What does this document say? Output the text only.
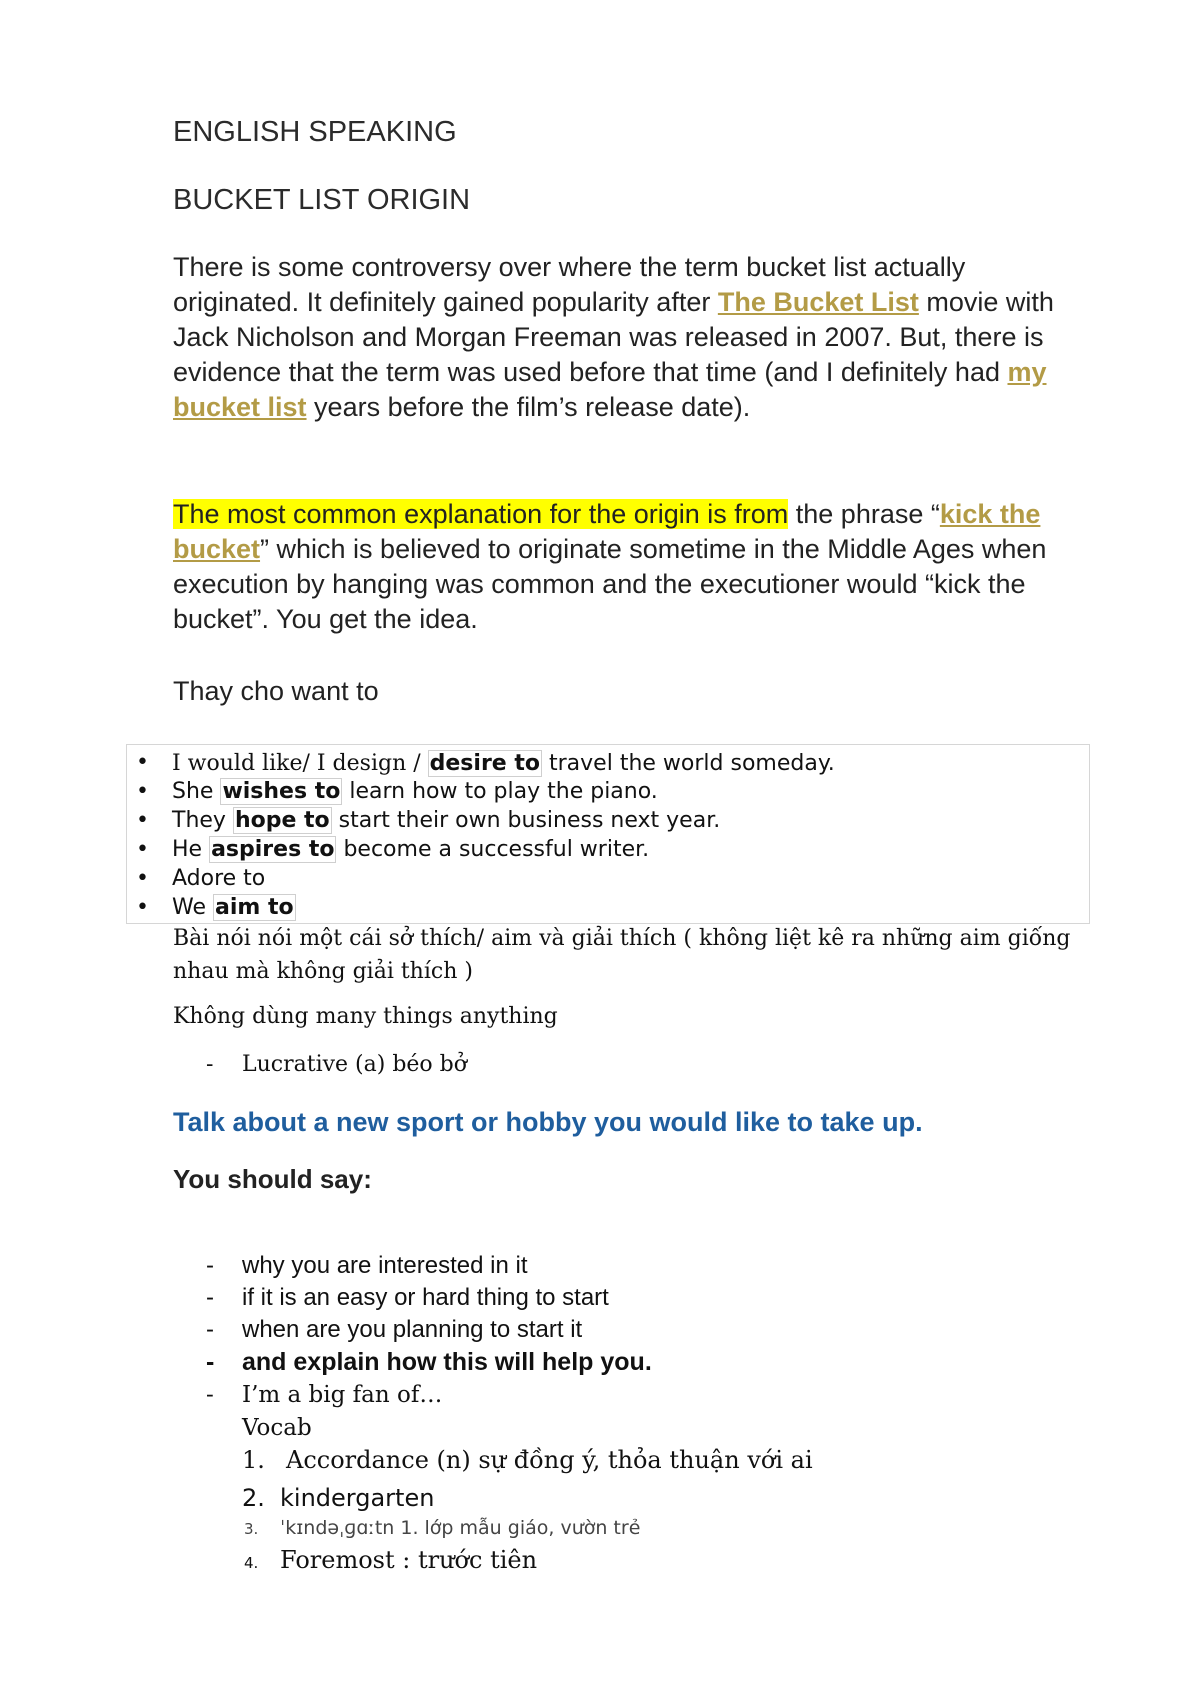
ENGLISH SPEAKING
BUCKET LIST ORIGIN
There is some controversy over where the term bucket list actually originated. It definitely gained popularity after The Bucket List movie with Jack Nicholson and Morgan Freeman was released in 2007. But, there is evidence that the term was used before that time (and I definitely had my bucket list years before the film’s release date).
The most common explanation for the origin is from the phrase “kick the bucket” which is believed to originate sometime in the Middle Ages when execution by hanging was common and the executioner would “kick the bucket”. You get the idea.
Thay cho want to
• I would like/ I design / desire to travel the world someday.
• She wishes to learn how to play the piano.
• They hope to start their own business next year.
• He aspires to become a successful writer.
• Adore to
• We aim to
Bài nói nói một cái sở thích/ aim và giải thích ( không liệt kê ra những aim giống nhau mà không giải thích )
Không dùng many things anything
- Lucrative (a) béo bở
Talk about a new sport or hobby you would like to take up.
You should say:
- why you are interested in it
- if it is an easy or hard thing to start
- when are you planning to start it
- and explain how this will help you.
- I’m a big fan of…
Vocab
1. Accordance (n) sự đồng ý, thỏa thuận với ai
2. kindergarten
3. ˈkɪndəˌɡɑːtn 1. lớp mẫu giáo, vườn trẻ
4. Foremost : trước tiên
